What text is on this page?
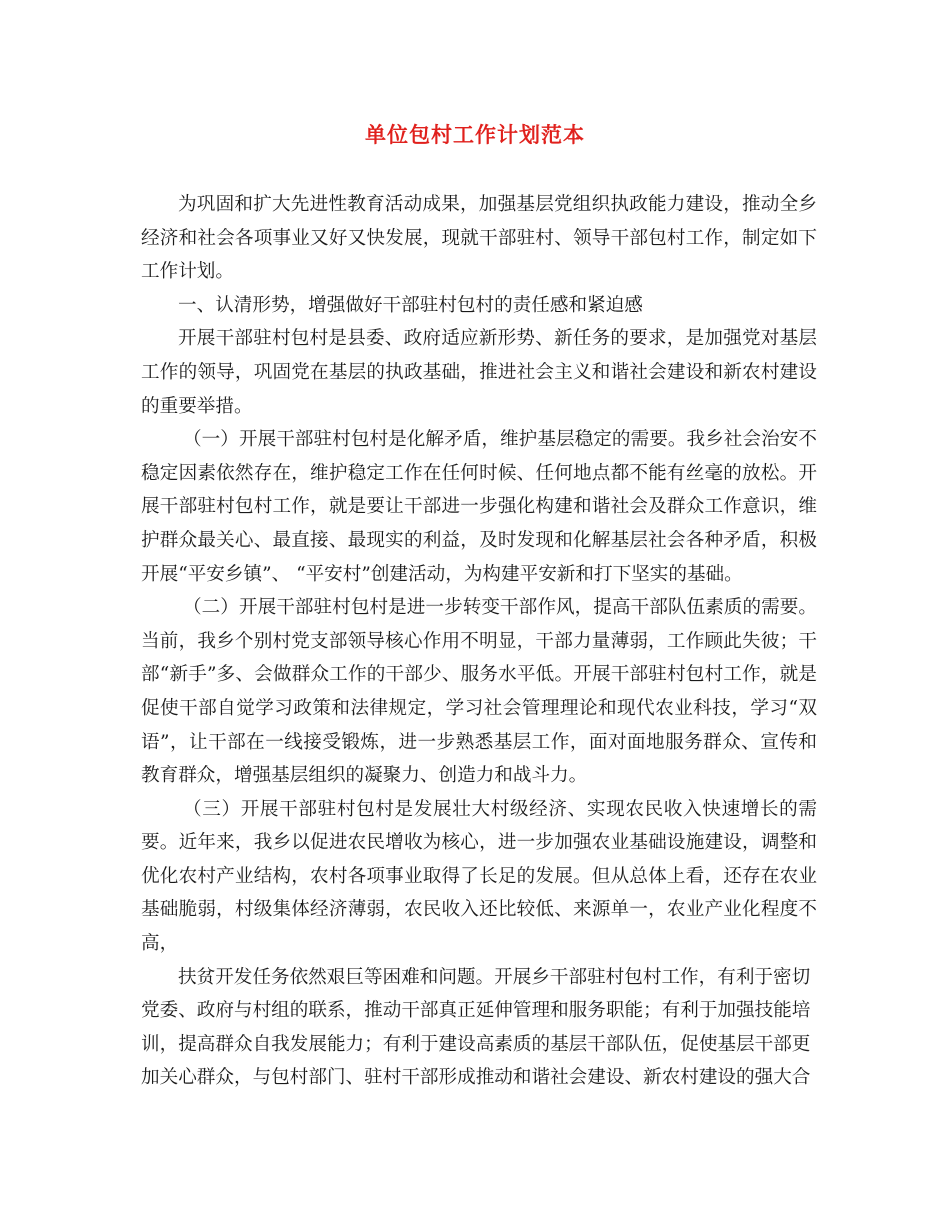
单位包村工作计划范本

为巩固和扩大先进性教育活动成果，加强基层党组织执政能力建设，推动全乡经济和社会各项事业又好又快发展，现就干部驻村、领导干部包村工作，制定如下工作计划。

一、认清形势，增强做好干部驻村包村的责任感和紧迫感

开展干部驻村包村是县委、政府适应新形势、新任务的要求，是加强党对基层工作的领导，巩固党在基层的执政基础，推进社会主义和谐社会建设和新农村建设的重要举措。

（一）开展干部驻村包村是化解矛盾，维护基层稳定的需要。我乡社会治安不稳定因素依然存在，维护稳定工作在任何时候、任何地点都不能有丝毫的放松。开展干部驻村包村工作，就是要让干部进一步强化构建和谐社会及群众工作意识，维护群众最关心、最直接、最现实的利益，及时发现和化解基层社会各种矛盾，积极开展“平安乡镇”、 “平安村”创建活动，为构建平安新和打下坚实的基础。

（二）开展干部驻村包村是进一步转变干部作风，提高干部队伍素质的需要。当前，我乡个别村党支部领导核心作用不明显，干部力量薄弱，工作顾此失彼；干部“新手”多、会做群众工作的干部少、服务水平低。开展干部驻村包村工作，就是促使干部自觉学习政策和法律规定，学习社会管理理论和现代农业科技，学习“双语”，让干部在一线接受锻炼，进一步熟悉基层工作，面对面地服务群众、宣传和教育群众，增强基层组织的凝聚力、创造力和战斗力。

（三）开展干部驻村包村是发展壮大村级经济、实现农民收入快速增长的需要。近年来，我乡以促进农民增收为核心，进一步加强农业基础设施建设，调整和优化农村产业结构，农村各项事业取得了长足的发展。但从总体上看，还存在农业基础脆弱，村级集体经济薄弱，农民收入还比较低、来源单一，农业产业化程度不高，

扶贫开发任务依然艰巨等困难和问题。开展乡干部驻村包村工作，有利于密切党委、政府与村组的联系，推动干部真正延伸管理和服务职能；有利于加强技能培训，提高群众自我发展能力；有利于建设高素质的基层干部队伍，促使基层干部更加关心群众，与包村部门、驻村干部形成推动和谐社会建设、新农村建设的强大合
